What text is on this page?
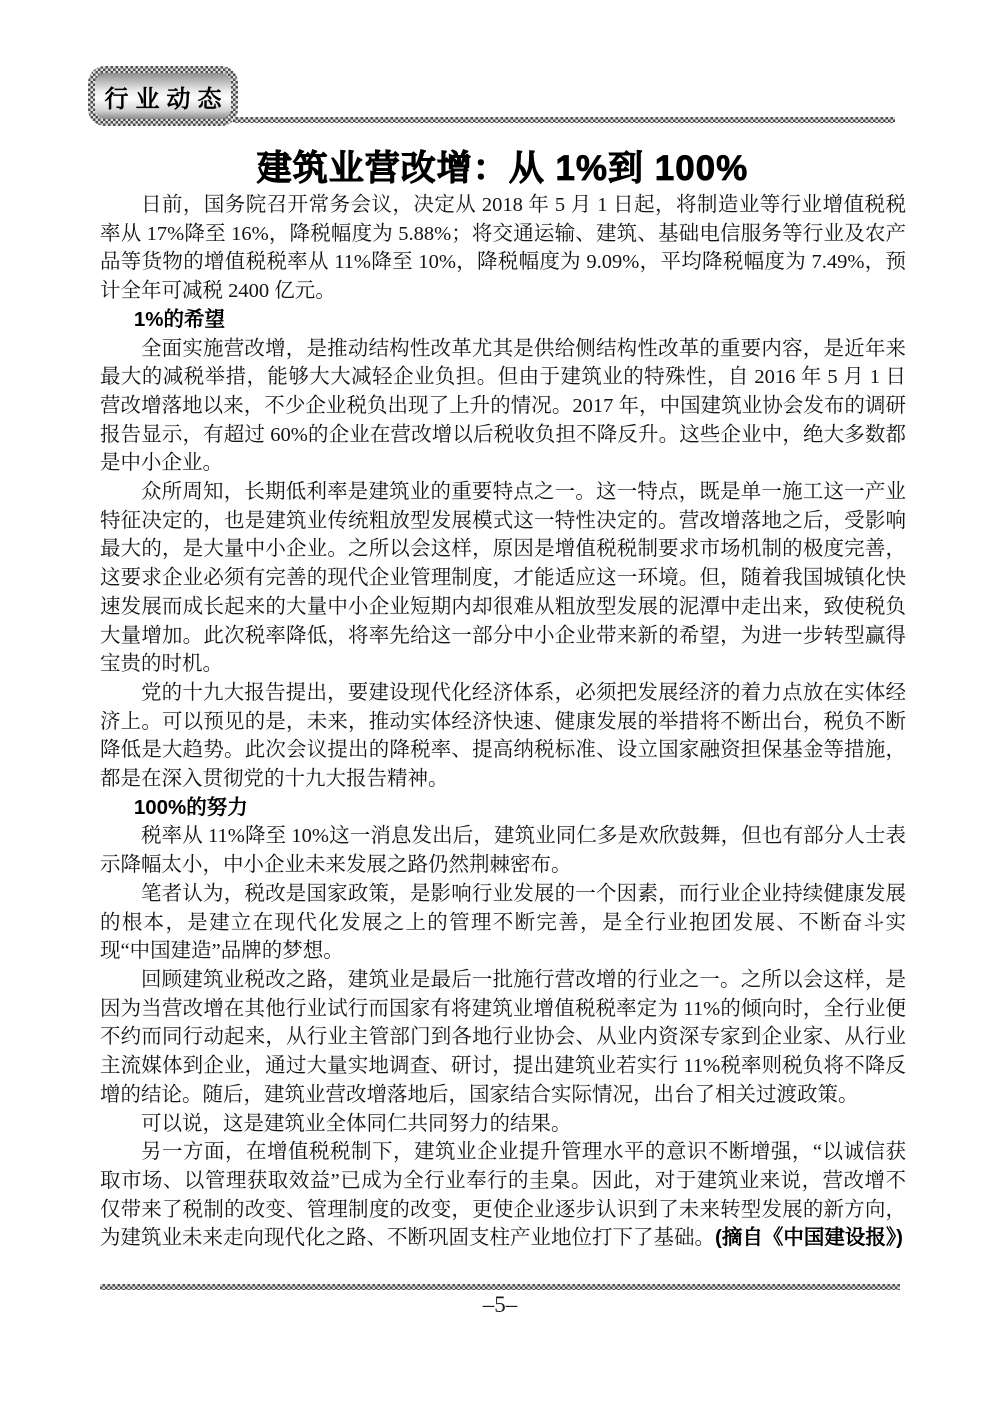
行业动态
建筑业营改增：从 1%到 100%

日前，国务院召开常务会议，决定从 2018 年 5 月 1 日起，将制造业等行业增值税税率从 17%降至 16%，降税幅度为 5.88%；将交通运输、建筑、基础电信服务等行业及农产品等货物的增值税税率从 11%降至 10%，降税幅度为 9.09%，平均降税幅度为 7.49%，预计全年可减税 2400 亿元。

1%的希望

全面实施营改增，是推动结构性改革尤其是供给侧结构性改革的重要内容，是近年来最大的减税举措，能够大大减轻企业负担。但由于建筑业的特殊性，自 2016 年 5 月 1 日营改增落地以来，不少企业税负出现了上升的情况。2017 年，中国建筑业协会发布的调研报告显示，有超过 60%的企业在营改增以后税收负担不降反升。这些企业中，绝大多数都是中小企业。

众所周知，长期低利率是建筑业的重要特点之一。这一特点，既是单一施工这一产业特征决定的，也是建筑业传统粗放型发展模式这一特性决定的。营改增落地之后，受影响最大的，是大量中小企业。之所以会这样，原因是增值税税制要求市场机制的极度完善，这要求企业必须有完善的现代企业管理制度，才能适应这一环境。但，随着我国城镇化快速发展而成长起来的大量中小企业短期内却很难从粗放型发展的泥潭中走出来，致使税负大量增加。此次税率降低，将率先给这一部分中小企业带来新的希望，为进一步转型赢得宝贵的时机。

党的十九大报告提出，要建设现代化经济体系，必须把发展经济的着力点放在实体经济上。可以预见的是，未来，推动实体经济快速、健康发展的举措将不断出台，税负不断降低是大趋势。此次会议提出的降税率、提高纳税标准、设立国家融资担保基金等措施，都是在深入贯彻党的十九大报告精神。

100%的努力

税率从 11%降至 10%这一消息发出后，建筑业同仁多是欢欣鼓舞，但也有部分人士表示降幅太小，中小企业未来发展之路仍然荆棘密布。

笔者认为，税改是国家政策，是影响行业发展的一个因素，而行业企业持续健康发展的根本，是建立在现代化发展之上的管理不断完善，是全行业抱团发展、不断奋斗实现“中国建造”品牌的梦想。

回顾建筑业税改之路，建筑业是最后一批施行营改增的行业之一。之所以会这样，是因为当营改增在其他行业试行而国家有将建筑业增值税税率定为 11%的倾向时，全行业便不约而同行动起来，从行业主管部门到各地行业协会、从业内资深专家到企业家、从行业主流媒体到企业，通过大量实地调查、研讨，提出建筑业若实行 11%税率则税负将不降反增的结论。随后，建筑业营改增落地后，国家结合实际情况，出台了相关过渡政策。

可以说，这是建筑业全体同仁共同努力的结果。

另一方面，在增值税税制下，建筑业企业提升管理水平的意识不断增强，“以诚信获取市场、以管理获取效益”已成为全行业奉行的圭臬。因此，对于建筑业来说，营改增不仅带来了税制的改变、管理制度的改变，更使企业逐步认识到了未来转型发展的新方向，为建筑业未来走向现代化之路、不断巩固支柱产业地位打下了基础。(摘自《中国建设报》)

–5–
